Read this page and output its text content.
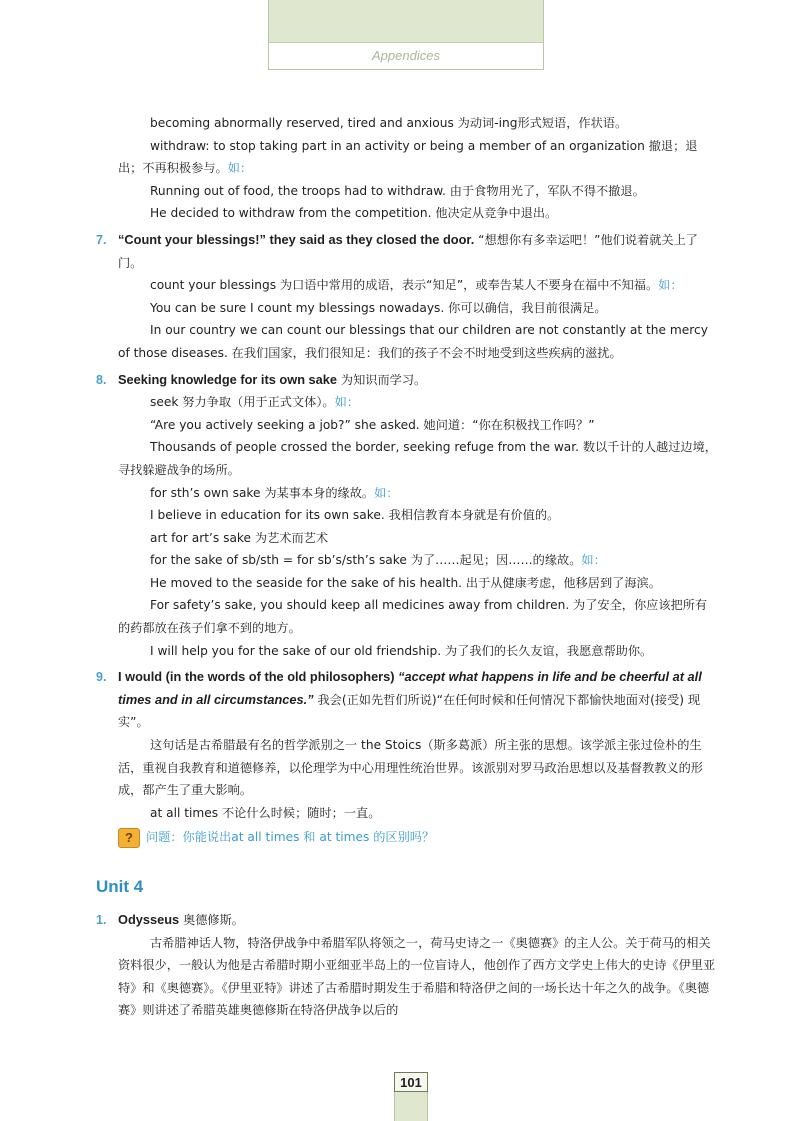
Appendices

becoming abnormally reserved, tired and anxious 为动词-ing形式短语，作状语。

withdraw: to stop taking part in an activity or being a member of an organization 撤退；退出；不再积极参与。如：

Running out of food, the troops had to withdraw. 由于食物用光了，军队不得不撤退。

He decided to withdraw from the competition. 他决定从竞争中退出。

7. “Count your blessings!” they said as they closed the door. “想想你有多幸运吧！”他们说着就关上了门。

count your blessings 为口语中常用的成语，表示“知足”，或奉告某人不要身在福中不知福。如：

You can be sure I count my blessings nowadays. 你可以确信，我目前很满足。

In our country we can count our blessings that our children are not constantly at the mercy of those diseases. 在我们国家，我们很知足：我们的孩子不会不时地受到这些疾病的滋扰。

8. Seeking knowledge for its own sake 为知识而学习。

seek 努力争取（用于正式文体）。如：

“Are you actively seeking a job?” she asked. 她问道：“你在积极找工作吗？”

Thousands of people crossed the border, seeking refuge from the war. 数以千计的人越过边境，寻找躲避战争的场所。

for sth’s own sake 为某事本身的缘故。如：

I believe in education for its own sake. 我相信教育本身就是有价值的。

art for art’s sake 为艺术而艺术

for the sake of sb/sth = for sb’s/sth’s sake 为了……起见；因……的缘故。如：

He moved to the seaside for the sake of his health. 出于从健康考虑，他移居到了海滨。

For safety’s sake, you should keep all medicines away from children. 为了安全，你应该把所有的药都放在孩子们拿不到的地方。

I will help you for the sake of our old friendship. 为了我们的长久友谊，我愿意帮助你。

9. I would (in the words of the old philosophers) “accept what happens in life and be cheerful at all times and in all circumstances.” 我会(正如先哲们所说)“在任何时候和任何情况下都愉快地面对(接受) 现实”。

这句话是古希腊最有名的哲学派别之一 the Stoics（斯多葛派）所主张的思想。该学派主张过俭朴的生活，重视自我教育和道德修养，以伦理学为中心用理性统治世界。该派别对罗马政治思想以及基督教教义的形成，都产生了重大影响。

at all times 不论什么时候；随时；一直。

?	问题：你能说出at all times 和 at times 的区别吗？
Unit 4
1. Odysseus 奥德修斯。

古希腊神话人物，特洛伊战争中希腊军队将领之一，荷马史诗之一《奥德赛》的主人公。关于荷马的相关资料很少，一般认为他是古希腊时期小亚细亚半岛上的一位盲诗人，他创作了西方文学史上伟大的史诗《伊里亚特》和《奥德赛》。《伊里亚特》讲述了古希腊时期发生于希腊和特洛伊之间的一场长达十年之久的战争。《奥德赛》则讲述了希腊英雄奥德修斯在特洛伊战争以后的

101
